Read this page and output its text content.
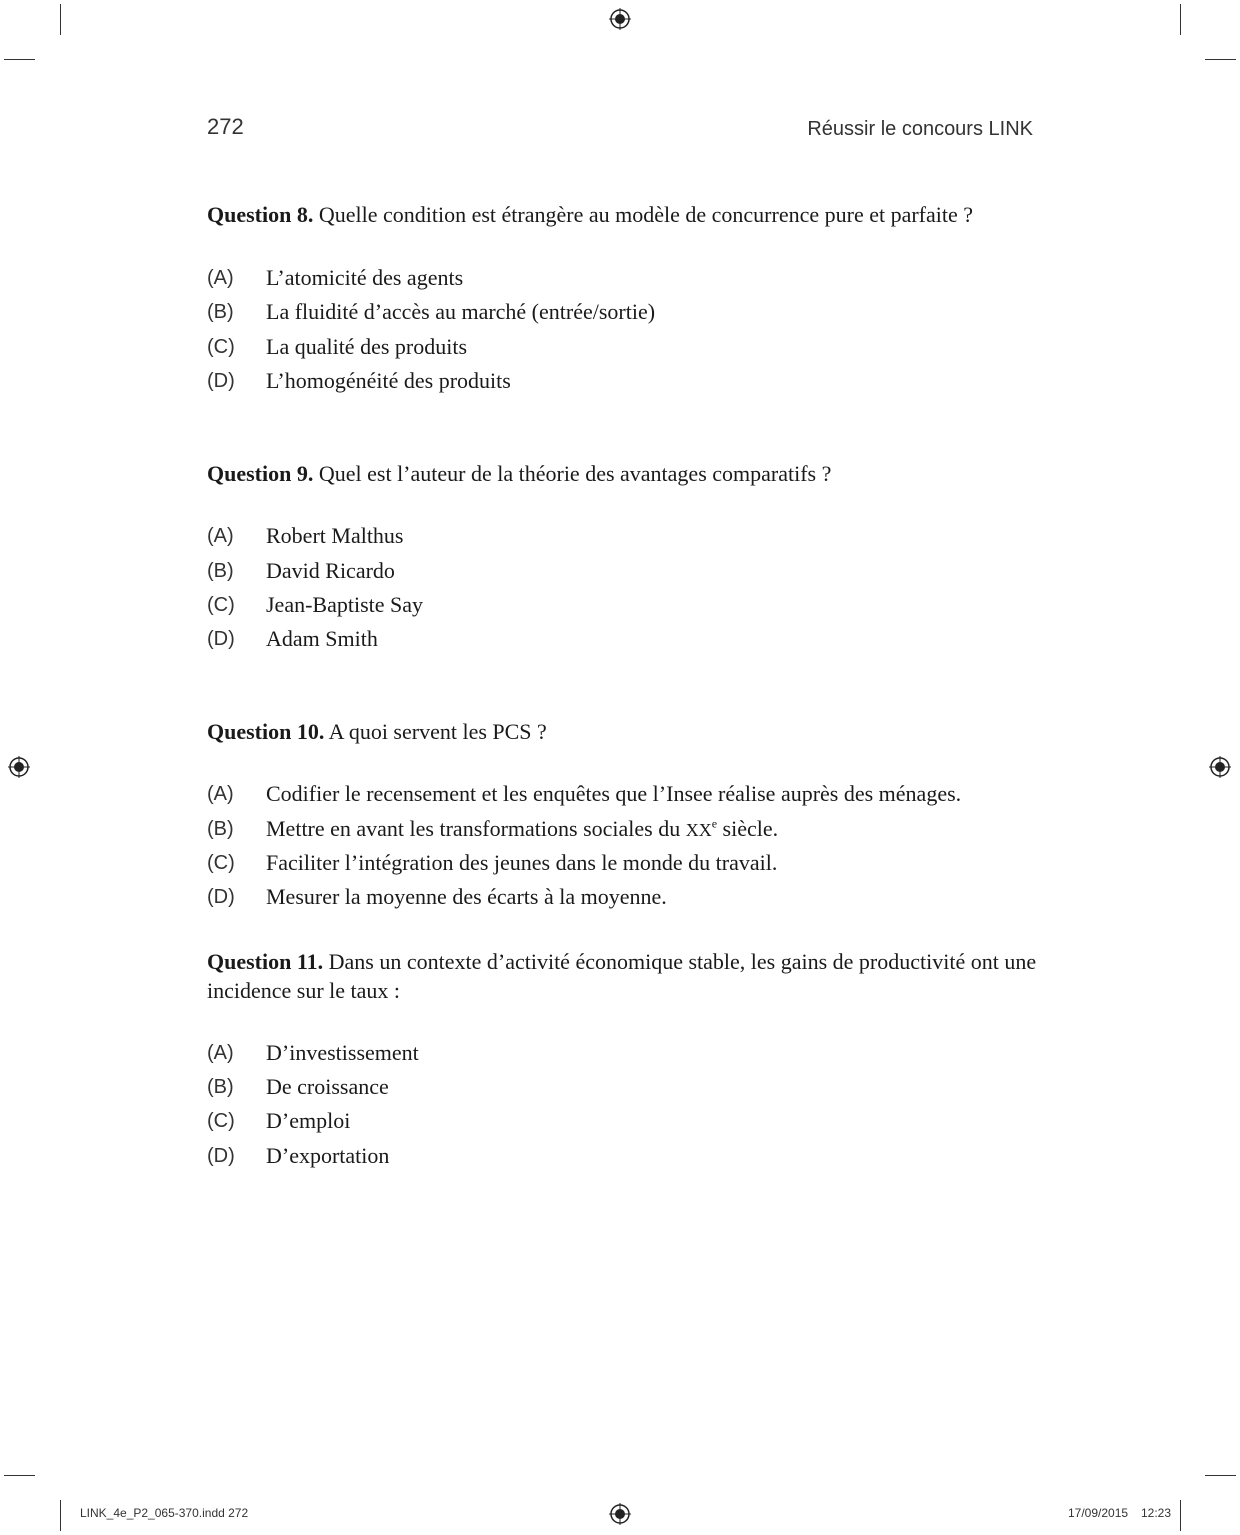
272	Réussir le concours LINK
Question 8. Quelle condition est étrangère au modèle de concurrence pure et parfaite ?
(A) L’atomicité des agents
(B) La fluidité d’accès au marché (entrée/sortie)
(C) La qualité des produits
(D) L’homogénéité des produits
Question 9. Quel est l’auteur de la théorie des avantages comparatifs ?
(A) Robert Malthus
(B) David Ricardo
(C) Jean-Baptiste Say
(D) Adam Smith
Question 10. A quoi servent les PCS ?
(A) Codifier le recensement et les enquêtes que l’Insee réalise auprès des ménages.
(B) Mettre en avant les transformations sociales du XXe siècle.
(C) Faciliter l’intégration des jeunes dans le monde du travail.
(D) Mesurer la moyenne des écarts à la moyenne.
Question 11. Dans un contexte d’activité économique stable, les gains de productivité ont une incidence sur le taux :
(A) D’investissement
(B) De croissance
(C) D’emploi
(D) D’exportation
LINK_4e_P2_065-370.indd 272	17/09/2015 12:23
